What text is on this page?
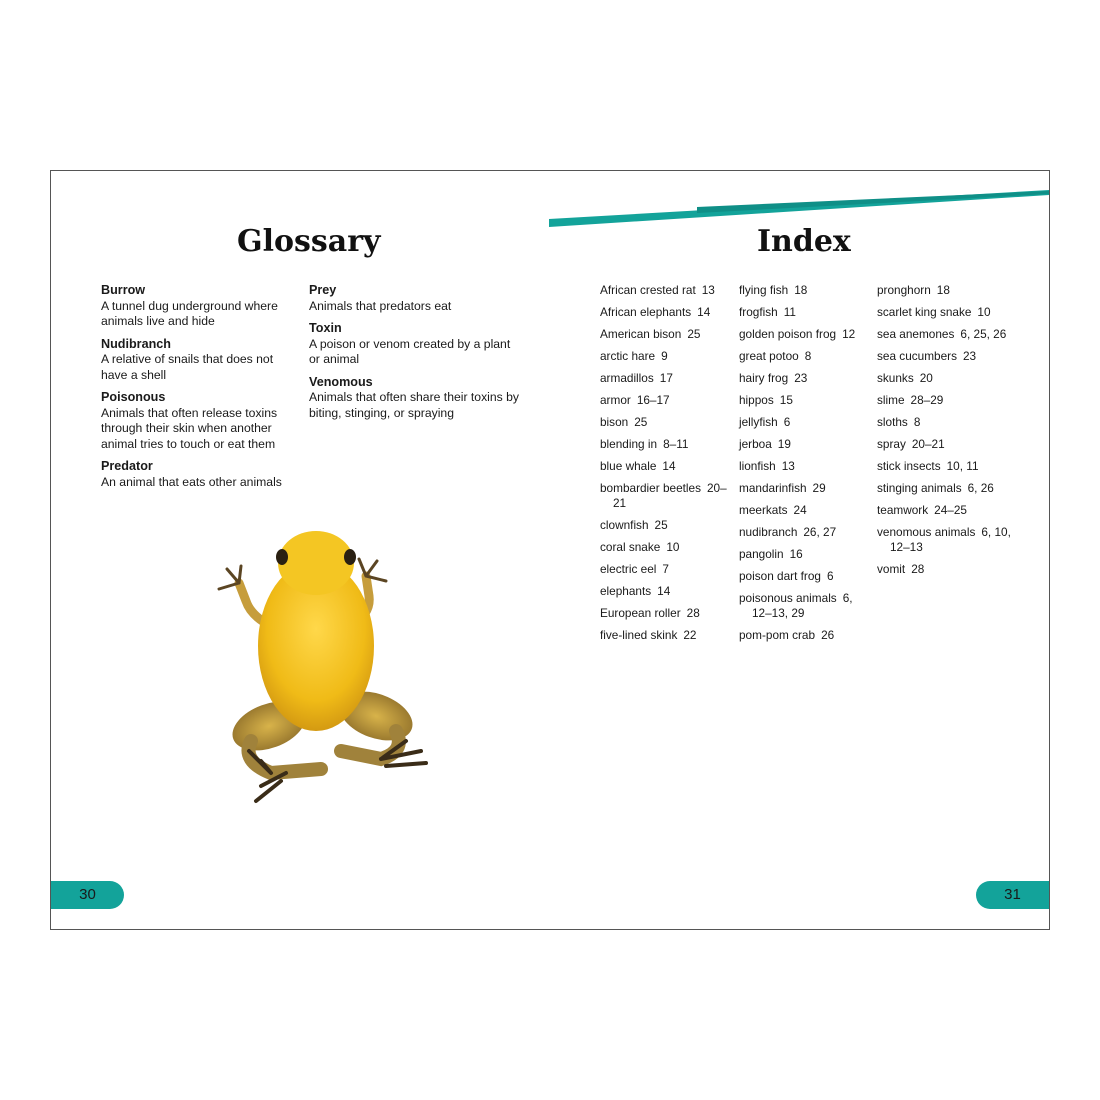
Glossary	Index
Burrow
A tunnel dug underground where animals live and hide
Nudibranch
A relative of snails that does not have a shell
Poisonous
Animals that often release toxins through their skin when another animal tries to touch or eat them
Predator
An animal that eats other animals
Prey
Animals that predators eat
Toxin
A poison or venom created by a plant or animal
Venomous
Animals that often share their toxins by biting, stinging, or spraying
African crested rat 13
African elephants 14
American bison 25
arctic hare 9
armadillos 17
armor 16–17
bison 25
blending in 8–11
blue whale 14
bombardier beetles 20–21
clownfish 25
coral snake 10
electric eel 7
elephants 14
European roller 28
five-lined skink 22
flying fish 18
frogfish 11
golden poison frog 12
great potoo 8
hairy frog 23
hippos 15
jellyfish 6
jerboa 19
lionfish 13
mandarinfish 29
meerkats 24
nudibranch 26, 27
pangolin 16
poison dart frog 6
poisonous animals 6, 12–13, 29
pom-pom crab 26
pronghorn 18
scarlet king snake 10
sea anemones 6, 25, 26
sea cucumbers 23
skunks 20
slime 28–29
sloths 8
spray 20–21
stick insects 10, 11
stinging animals 6, 26
teamwork 24–25
venomous animals 6, 10, 12–13
vomit 28
30	31
